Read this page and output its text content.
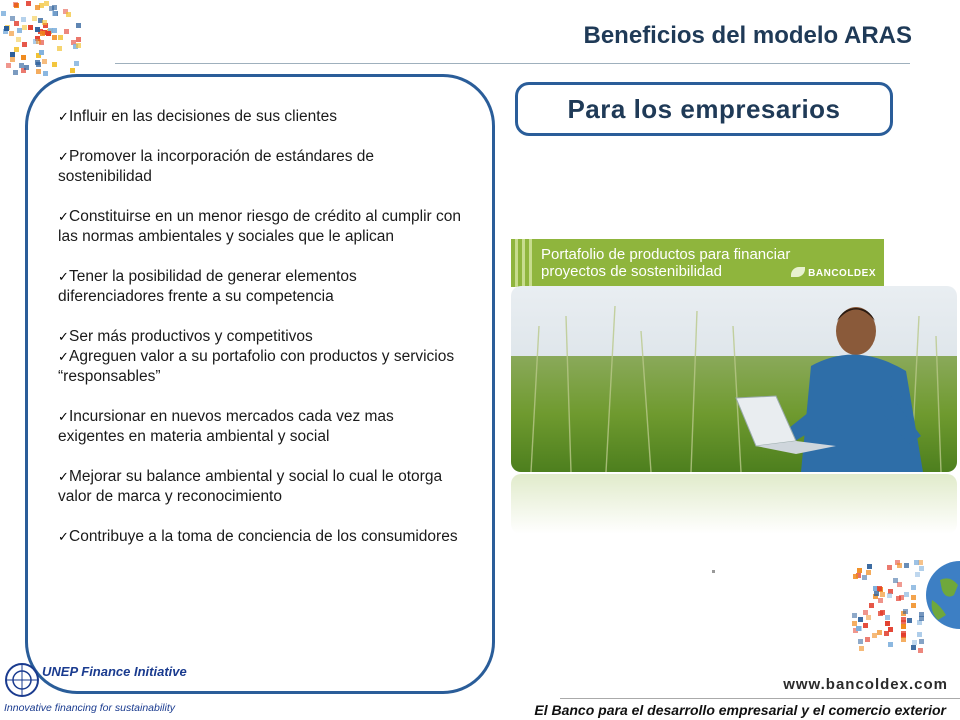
Beneficios del modelo ARAS
✓Influir en las decisiones de sus clientes
✓Promover la incorporación de estándares de sostenibilidad
✓Constituirse en un menor riesgo de crédito al cumplir con las normas ambientales y sociales que le aplican
✓Tener la posibilidad de generar elementos diferenciadores frente a su competencia
✓Ser más productivos y competitivos
✓Agreguen valor a su portafolio con productos y servicios “responsables”
✓Incursionar en nuevos mercados cada vez mas exigentes en materia ambiental y social
✓Mejorar su balance ambiental y social lo cual le otorga valor de marca y reconocimiento
✓Contribuye a la toma de conciencia de los consumidores
Para los empresarios
Portafolio de productos para financiar
proyectos de sostenibilidad	BANCOLDEX
UNEP Finance Initiative
Innovative financing for sustainability
www.bancoldex.com
El Banco para el desarrollo empresarial y el comercio exterior
